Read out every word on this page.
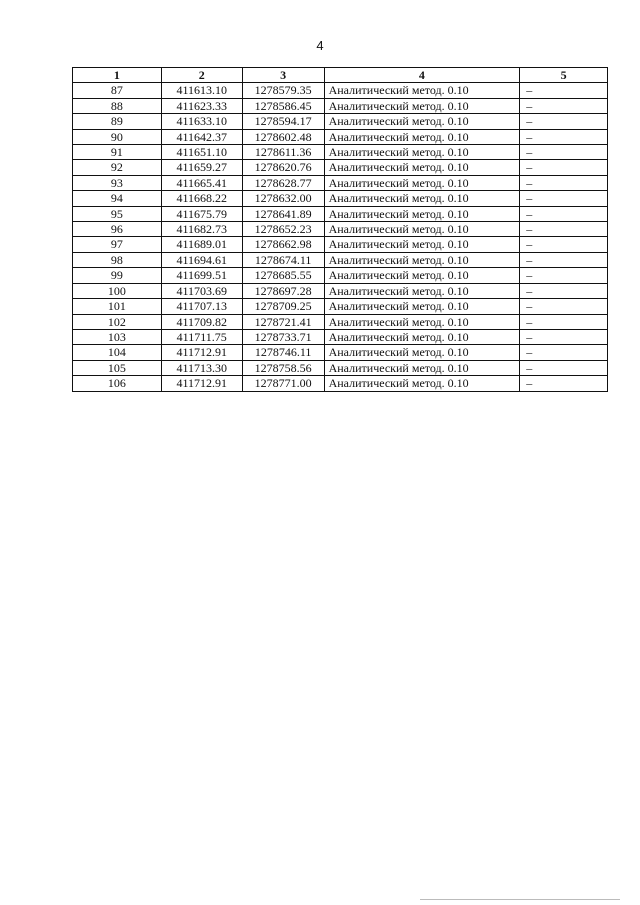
4
1	2	3	4	5
87	411613.10	1278579.35	Аналитический метод. 0.10	–
88	411623.33	1278586.45	Аналитический метод. 0.10	–
89	411633.10	1278594.17	Аналитический метод. 0.10	–
90	411642.37	1278602.48	Аналитический метод. 0.10	–
91	411651.10	1278611.36	Аналитический метод. 0.10	–
92	411659.27	1278620.76	Аналитический метод. 0.10	–
93	411665.41	1278628.77	Аналитический метод. 0.10	–
94	411668.22	1278632.00	Аналитический метод. 0.10	–
95	411675.79	1278641.89	Аналитический метод. 0.10	–
96	411682.73	1278652.23	Аналитический метод. 0.10	–
97	411689.01	1278662.98	Аналитический метод. 0.10	–
98	411694.61	1278674.11	Аналитический метод. 0.10	–
99	411699.51	1278685.55	Аналитический метод. 0.10	–
100	411703.69	1278697.28	Аналитический метод. 0.10	–
101	411707.13	1278709.25	Аналитический метод. 0.10	–
102	411709.82	1278721.41	Аналитический метод. 0.10	–
103	411711.75	1278733.71	Аналитический метод. 0.10	–
104	411712.91	1278746.11	Аналитический метод. 0.10	–
105	411713.30	1278758.56	Аналитический метод. 0.10	–
106	411712.91	1278771.00	Аналитический метод. 0.10	–
